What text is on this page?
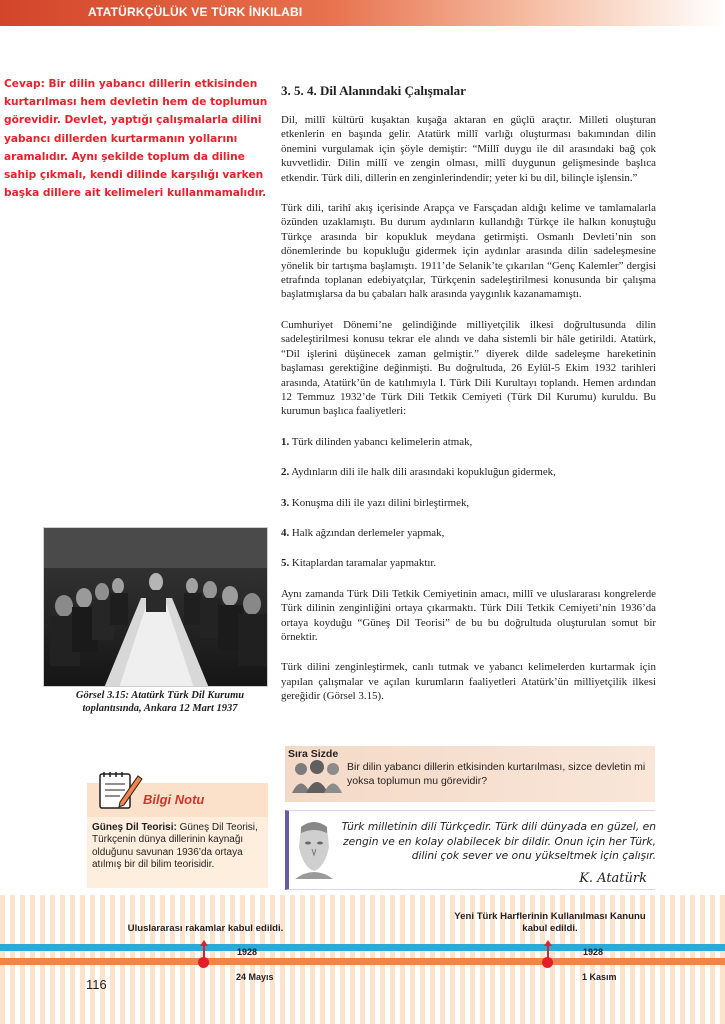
ATATÜRKÇÜLÜK VE TÜRK İNKILABI
Cevap: Bir dilin yabancı dillerin etkisinden kurtarılması hem devletin hem de toplumun görevidir. Devlet, yaptığı çalışmalarla dilini yabancı dillerden kurtarmanın yollarını aramalıdır. Aynı şekilde toplum da diline sahip çıkmalı, kendi dilinde karşılığı varken başka dillere ait kelimeleri kullanmamalıdır.
3. 5. 4. Dil Alanındaki Çalışmalar

Dil, millî kültürü kuşaktan kuşağa aktaran en güçlü araçtır. Milleti oluşturan etkenlerin en başında gelir. Atatürk millî varlığı oluşturması bakımından dilin önemini vurgulamak için şöyle demiştir: “Millî duygu ile dil arasındaki bağ çok kuvvetlidir. Dilin millî ve zengin olması, millî duygunun gelişmesinde başlıca etkendir. Türk dili, dillerin en zenginlerindendir; yeter ki bu dil, bilinçle işlensin.”

Türk dili, tarihî akış içerisinde Arapça ve Farsçadan aldığı kelime ve tamlamalarla özünden uzaklamıştı. Bu durum aydınların kullandığı Türkçe ile halkın konuştuğu Türkçe arasında bir kopukluk meydana getirmişti. Osmanlı Devleti’nin son dönemlerinde bu kopukluğu gidermek için aydınlar arasında dilin sadeleşmesine yönelik bir tartışma başlamıştı. 1911’de Selanik’te çıkarılan “Genç Kalemler” dergisi etrafında toplanan edebiyatçılar, Türkçenin sadeleştirilmesi konusunda bir çalışma başlatmışlarsa da bu çabaları halk arasında yaygınlık kazanamamıştı.

Cumhuriyet Dönemi’ne gelindiğinde milliyetçilik ilkesi doğrultusunda dilin sadeleştirilmesi konusu tekrar ele alındı ve daha sistemli bir hâle getirildi. Atatürk, “Dil işlerini düşünecek zaman gelmiştir.” diyerek dilde sadeleşme hareketinin başlaması gerektiğine değinmişti. Bu doğrultuda, 26 Eylül-5 Ekim 1932 tarihleri arasında, Atatürk’ün de katılımıyla I. Türk Dili Kurultayı toplandı. Hemen ardından 12 Temmuz 1932’de Türk Dili Tetkik Cemiyeti (Türk Dil Kurumu) kuruldu. Bu kurumun başlıca faaliyetleri:

1. Türk dilinden yabancı kelimelerin atmak,
2. Aydınların dili ile halk dili arasındaki kopukluğun gidermek,
3. Konuşma dili ile yazı dilini birleştirmek,
4. Halk ağzından derlemeler yapmak,
5. Kitaplardan taramalar yapmaktır.

Aynı zamanda Türk Dili Tetkik Cemiyetinin amacı, millî ve uluslararası kongrelerde Türk dilinin zenginliğini ortaya çıkarmaktı. Türk Dili Tetkik Cemiyeti’nin 1936’da ortaya koyduğu “Güneş Dil Teorisi” de bu bu doğrultuda oluşturulan somut bir örnektir.

Türk dilini zenginleştirmek, canlı tutmak ve yabancı kelimelerden kurtarmak için yapılan çalışmalar ve açılan kurumların faaliyetleri Atatürk’ün milliyetçilik ilkesi gereğidir (Görsel 3.15).

Görsel 3.15: Atatürk Türk Dil Kurumu toplantısında, Ankara 12 Mart 1937
Sıra Sizde
Bir dilin yabancı dillerin etkisinden kurtarılması, sizce devletin mi yoksa toplumun mu görevidir?
Türk milletinin dili Türkçedir. Türk dili dünyada en güzel, en zengin ve en kolay olabilecek bir dildir. Onun için her Türk, dilini çok sever ve onu yükseltmek için çalışır.
K. Atatürk
Bilgi Notu
Güneş Dil Teorisi: Güneş Dil Teorisi, Türkçenin dünya dillerinin kaynağı olduğunu savunan 1936’da ortaya atılmış bir dil bilim teorisidir.
Uluslararası rakamlar kabul edildi.
Yeni Türk Harflerinin Kullanılması Kanunu kabul edildi.
1928	1928
24 Mayıs	1 Kasım
116
